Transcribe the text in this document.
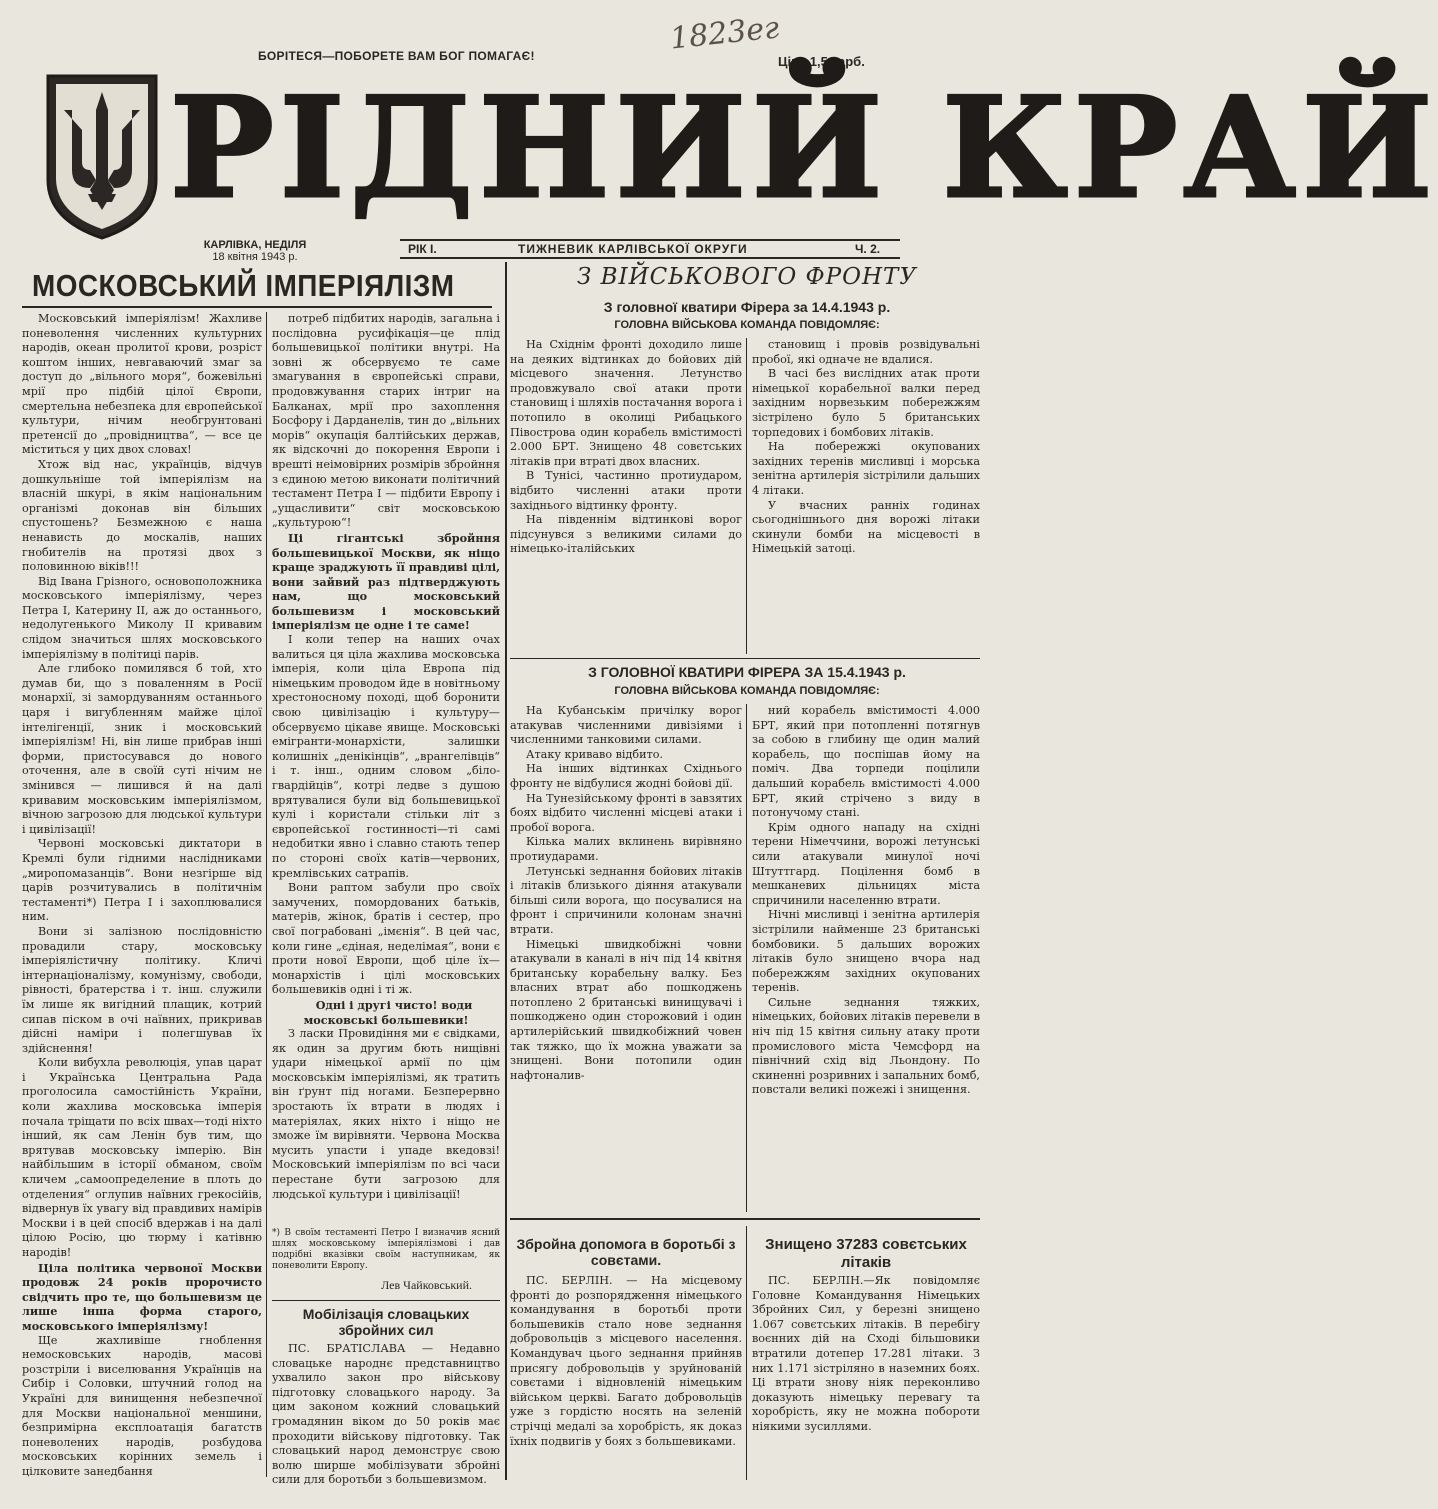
БОРІТЕСЯ—ПОБОРЕТЕ ВАМ БОГ ПОМАГАЄ!	1823ег
Ціна 1,5 карб.
РІДНИЙ КРАЙ
КАРЛІВКА, НЕДІЛЯ
18 квітня 1943 р.
РІК I.	ТИЖНЕВИК КАРЛІВСЬКОЇ ОКРУГИ	Ч. 2.
МОСКОВСЬКИЙ ІМПЕРІЯЛІЗМ

Московський імперіялізм! Жахливе поневолення численних культурних народів, океан пролитої крови, розріст коштом інших, невгаваючий змаг за доступ до „вільного моря“, божевільні мрії про підбій цілої Європи, смертельна небезпека для європейської культури, нічим необгрунтовані претенсії до „провідництва“, — все це міститься у цих двох словах!

Хтож від нас, українців, відчув дошкульніше той імперіялізм на власній шкурі, в якім національним організмі доконав він більших спустошень? Безмежною є наша ненависть до москалів, наших гнобителів на протязі двох з половинною віків!!!

Від Івана Грізного, основоположника московського імперіялізму, через Петра I, Катерину II, аж до останнього, недолугенького Миколу II кривавим слідом значиться шлях московського імперіялізму в політиці парів.

Але глибоко помилявся б той, хто думав би, що з поваленням в Росії монархії, зі замордуванням останнього царя і вигубленням майже цілої інтелігенції, зник і московський імперіялізм! Ні, він лише прибрав інші форми, пристосувався до нового оточення, але в своїй суті нічим не змінився — лишився й на далі кривавим московським імперіялізмом, вічною загрозою для людської культури і цивілізації!

Червоні московські диктатори в Кремлі були гідними наслідниками „миропомазанців“. Вони незгірше від царів розчитувались в політичнім тестаменті*) Петра I і захоплювалися ним.

Вони зі залізною послідовністю провадили стару, московську імперіялістичну політику. Кличі інтернаціоналізму, комунізму, свободи, рівності, братерства і т. інш. служили їм лише як вигідний плащик, котрий сипав піском в очі наївних, прикривав дійсні наміри і полегшував їх здійснення!

Коли вибухла революція, упав царат і Українська Центральна Рада проголосила самостійність України, коли жахлива московська імперія почала тріщати по всіх швах—тоді ніхто інший, як сам Ленін був тим, що врятував московську імперію. Він найбільшим в історії обманом, своїм кличем „самоопределение в плоть до отделения“ оглупив наївних грекосійів, відвернув їх увагу від правдивих намірів Москви і в цей спосіб вдержав і на далі цілою Росію, цю тюрму і катівню народів!

Ціла політика червоної Москви продовж 24 років пророчисто свідчить про те, що большевизм це лише інша форма старого, московського імперіялізму!

Ще жахливіше гноблення немосковських народів, масові розстріли і виселювання Українців на Сибір і Соловки, штучний голод на Україні для винищення небезпечної для Москви національної меншини, безпримірна експлоатація багатств поневолених народів, розбудова московських корінних земель і цілковите занедбання

потреб підбитих народів, загальна і послідовна русифікація—це плід большевицької політики внутрі. На зовні ж обсервуємо те саме змагування в європейські справи, продовжування старих інтриг на Балканах, мрії про захоплення Босфору і Дарданелів, тин до „вільних морів“ окупація балтійських держав, як відскочні до покорення Европи і врешті неімовірних розмірів збройння з єдиною метою виконати політичний тестамент Петра I — підбити Европу і „ущасливити“ світ московською „культурою“!

Ці гігантські збройння большевицької Москви, як ніщо краще зраджують її правдиві цілі, вони зайвий раз підтверджують нам, що московський большевизм і московський імперіялізм це одне і те саме!

І коли тепер на наших очах валиться ця ціла жахлива московська імперія, коли ціла Европа під німецьким проводом йде в новітньому хрестоносному поході, щоб боронити свою цивілізацію і культуру—обсервуємо цікаве явище. Московські емігранти-монархісти, залишки колишніх „денікінців“, „врангелівців“ і т. інш., одним словом „біло-гвардійців“, котрі ледве з душою врятувалися були від большевицької кулі і користали стільки літ з європейської гостинності—ті самі недобитки явно і славно стають тепер по стороні своїх катів—червоних, кремлівських сатрапів.

Вони раптом забули про своїх замучених, помордованих батьків, матерів, жінок, братів і сестер, про свої пограбовані „імєнія“. В цей час, коли гине „єдіная, неделімая“, вони є проти нової Европи, щоб ціле їх—монархістів і цілі московських большевиків одні і ті ж.

Одні і другі чисто! води московські большевики!

З ласки Провидіння ми є свідками, як один за другим бють нищівні удари німецької армії по цім московськім імперіялізмі, як тратить він ґрунт під ногами. Безперервно зростають їх втрати в людях і матеріялах, яких ніхто і ніщо не зможе їм вирівняти. Червона Москва мусить упасти і упаде вкедовзі! Московський імперіялізм по всі часи перестане бути загрозою для людської культури і цивілізації!

*) В своїм тестаменті Петро I визначив ясний шлях московському імперіялізмові і дав подрібні вказівки своїм наступникам, як поневолити Европу.
Лев Чайковський.
Мобілізація словацьких збройних сил

ПС. БРАТІСЛАВА — Недавно словацьке народнє представництво ухвалило закон про військову підготовку словацького народу. За цим законом кожний словацький громадянин віком до 50 років має проходити військову підготовку. Так словацький народ демонструє свою волю ширше мобілізувати збройні сили для боротьби з большевизмом.

З ВІЙСЬКОВОГО ФРОНТУ
З головної кватири Фірера за 14.4.1943 р.
ГОЛОВНА ВІЙСЬКОВА КОМАНДА ПОВІДОМЛЯЄ:

На Східнім фронті доходило лише на деяких відтинках до бойових дій місцевого значення. Летунство продовжувало свої атаки проти становищ і шляхів постачання ворога і потопило в околиці Рибацького Півострова один корабель вмістимості 2.000 БРТ. Знищено 48 совєтських літаків при втраті двох власних.

В Тунісі, частинно протиударом, відбито численні атаки проти західнього відтинку фронту.

На південнім відтинкові ворог підсунувся з великими силами до німецько-італійських

становищ і провів розвідувальні пробої, які одначе не вдалися.

В часі без вислідних атак проти німецької корабельної валки перед західним норвезьким побережжям зістрілено було 5 британських торпедових і бомбових літаків.

На побережжі окупованих західних теренів мисливці і морська зенітна артилерія зістрілили дальших 4 літаки.

У вчасних ранніх годинах сьогоднішнього дня ворожі літаки скинули бомби на місцевості в Німецькій затоці.

З ГОЛОВНОЇ КВАТИРИ ФІРЕРА ЗА 15.4.1943 р.
ГОЛОВНА ВІЙСЬКОВА КОМАНДА ПОВІДОМЛЯЄ:

На Кубанськім причілку ворог атакував численними дивізіями і численними танковими силами.

Атаку криваво відбито.

На інших відтинках Східнього фронту не відбулися жодні бойові дії.

На Тунезійському фронті в завзятих боях відбито численні місцеві атаки і пробої ворога.

Кілька малих вклинень вирівняно протиударами.

Летунські зеднання бойових літаків і літаків близького діяння атакували більші сили ворога, що посувалися на фронт і спричинили колонам значні втрати.

Німецькі швидкобіжні човни атакували в каналі в ніч під 14 квітня британську корабельну валку. Без власних втрат або пошкоджень потоплено 2 британські винищувачі і пошкоджено один сторожовий і один артилерійський швидкобіжний човен так тяжко, що їх можна уважати за знищені. Вони потопили один нафтоналив-

ний корабель вмістимості 4.000 БРТ, який при потопленні потягнув за собою в глибину ще один малий корабель, що поспішав йому на поміч. Два торпеди поцілили дальший корабель вмістимості 4.000 БРТ, який стрічено з виду в потонучому стані.

Крім одного нападу на східні терени Німеччини, ворожі летунські сили атакували минулої ночі Штуттгард. Поцілення бомб в мешканевих дільницях міста спричинили населенню втрати.

Нічні мисливці і зенітна артилерія зістрілили найменше 23 британські бомбовики. 5 дальших ворожих літаків було знищено вчора над побережжям західних окупованих теренів.

Сильне зеднання тяжких, німецьких, бойових літаків перевели в ніч під 15 квітня сильну атаку проти промислового міста Чемсфорд на північний схід від Льондону. По скиненні розривних і запальних бомб, повстали великі пожежі і знищення.

Збройна допомога в боротьбі з совєтами.

ПС. БЕРЛІН. — На місцевому фронті до розпорядження німецького командування в боротьбі проти большевиків стало нове зеднання добровольців з місцевого населення. Командувач цього зеднання прийняв присягу добровольців у зруйнованій совєтами і відновленій німецьким військом церкві. Багато добровольців уже з гордістю носять на зеленій стрічці медалі за хоробрість, як доказ їхніх подвигів у боях з большевиками.

Знищено 37283 совєтських літаків

ПС. БЕРЛІН.—Як повідомляє Головне Командування Німецьких Збройних Сил, у березні знищено 1.067 совєтських літаків. В перебігу воєнних дій на Сході більшовики втратили дотепер 17.281 літаки. З них 1.171 зістріляно в наземних боях. Ці втрати знову ніяк переконливо доказують німецьку перевагу та хоробрість, яку не можна побороти ніякими зусиллями.
